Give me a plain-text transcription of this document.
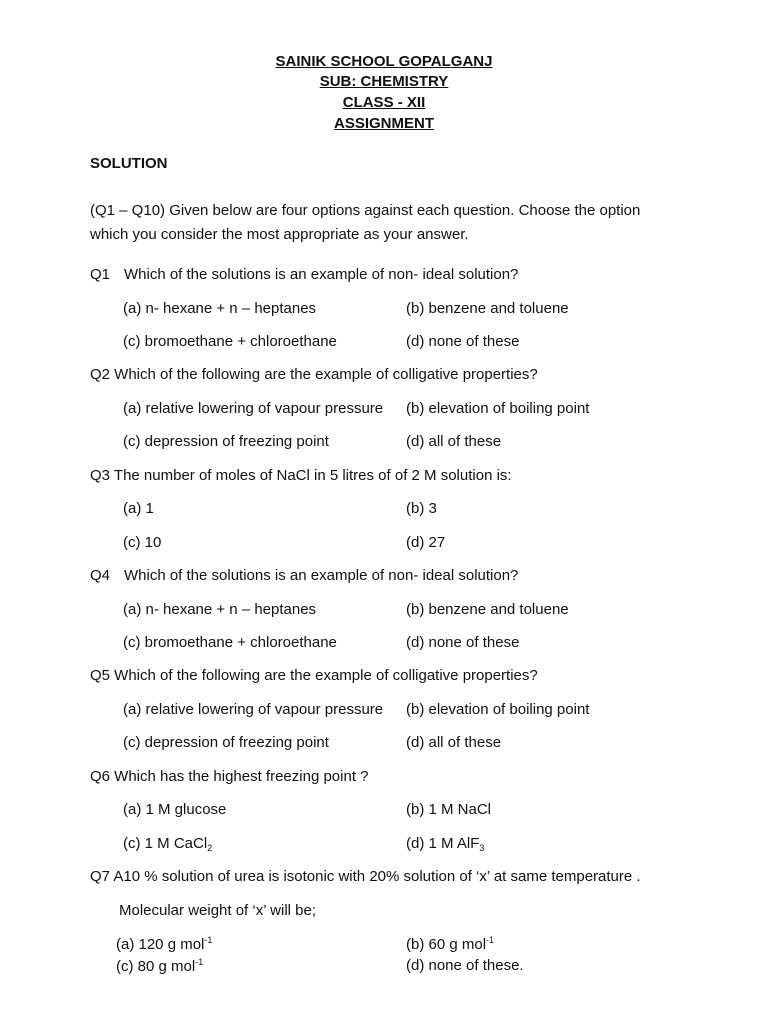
SAINIK SCHOOL GOPALGANJ
SUB: CHEMISTRY
CLASS - XII
ASSIGNMENT
SOLUTION
(Q1 – Q10) Given below are four options against each question. Choose the option
which you consider the most appropriate as your answer.
Q1 Which of the solutions is an example of non- ideal solution?
(a) n- hexane + n – heptanes	(b) benzene and toluene
(c) bromoethane + chloroethane	(d) none of these
Q2 Which of the following are the example of colligative properties?
(a) relative lowering of vapour pressure (b) elevation of boiling point
(c) depression of freezing point	(d) all of these
Q3 The number of moles of NaCl in 5 litres of of 2 M solution is:
(a) 1	(b) 3
(c) 10	(d) 27
Q4 Which of the solutions is an example of non- ideal solution?
(a) n- hexane + n – heptanes	(b) benzene and toluene
(c) bromoethane + chloroethane	(d) none of these
Q5 Which of the following are the example of colligative properties?
(a) relative lowering of vapour pressure (b) elevation of boiling point
(c) depression of freezing point	(d) all of these
Q6 Which has the highest freezing point ?
(a) 1 M glucose	(b) 1 M NaCl
(c) 1 M CaCl$_2$	(d) 1 M AlF$_3$
Q7 A10 % solution of urea is isotonic with 20% solution of ‘x’ at same temperature .
Molecular weight of ‘x’ will be;
(a) 120 g mol$^{-1}$	(b) 60 g mol$^{-1}$
(c) 80 g mol$^{-1}$	(d) none of these.
